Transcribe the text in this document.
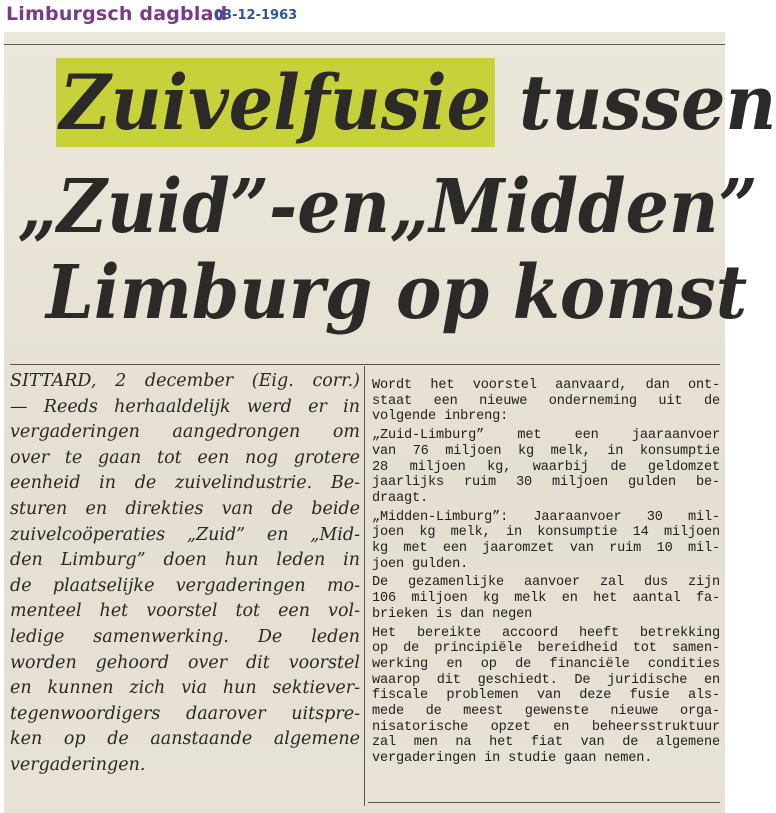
Limburgsch dagblad
03-12-1963
Zuivelfusie tussen
„Zuid”-en„Midden”
Limburg op komst
SITTARD, 2 december (Eig. corr.)
— Reeds herhaaldelijk werd er in
vergaderingen aangedrongen om
over te gaan tot een nog grotere
eenheid in de zuivelindustrie. Be-
sturen en direkties van de beide
zuivelcoöperaties „Zuid” en „Mid-
den Limburg” doen hun leden in
de plaatselijke vergaderingen mo-
menteel het voorstel tot een vol-
ledige samenwerking. De leden
worden gehoord over dit voorstel
en kunnen zich via hun sektiever-
tegenwoordigers daarover uitspre-
ken op de aanstaande algemene
vergaderingen.
Wordt het voorstel aanvaard, dan ont-
staat een nieuwe onderneming uit de
volgende inbreng:
„Zuid-Limburg” met een jaaraanvoer
van 76 miljoen kg melk, in konsumptie
28 miljoen kg, waarbij de geldomzet
jaarlijks ruim 30 miljoen gulden be-
draagt.
„Midden-Limburg”: Jaaraanvoer 30 mil-
joen kg melk, in konsumptie 14 miljoen
kg met een jaaromzet van ruim 10 mil-
joen gulden.
De gezamenlijke aanvoer zal dus zijn
106 miljoen kg melk en het aantal fa-
brieken is dan negen
Het bereikte accoord heeft betrekking
op de principiële bereidheid tot samen-
werking en op de financiële condities
waarop dit geschiedt. De juridische en
fiscale problemen van deze fusie als-
mede de meest gewenste nieuwe orga-
nisatorische opzet en beheersstruktuur
zal men na het fiat van de algemene
vergaderingen in studie gaan nemen.
